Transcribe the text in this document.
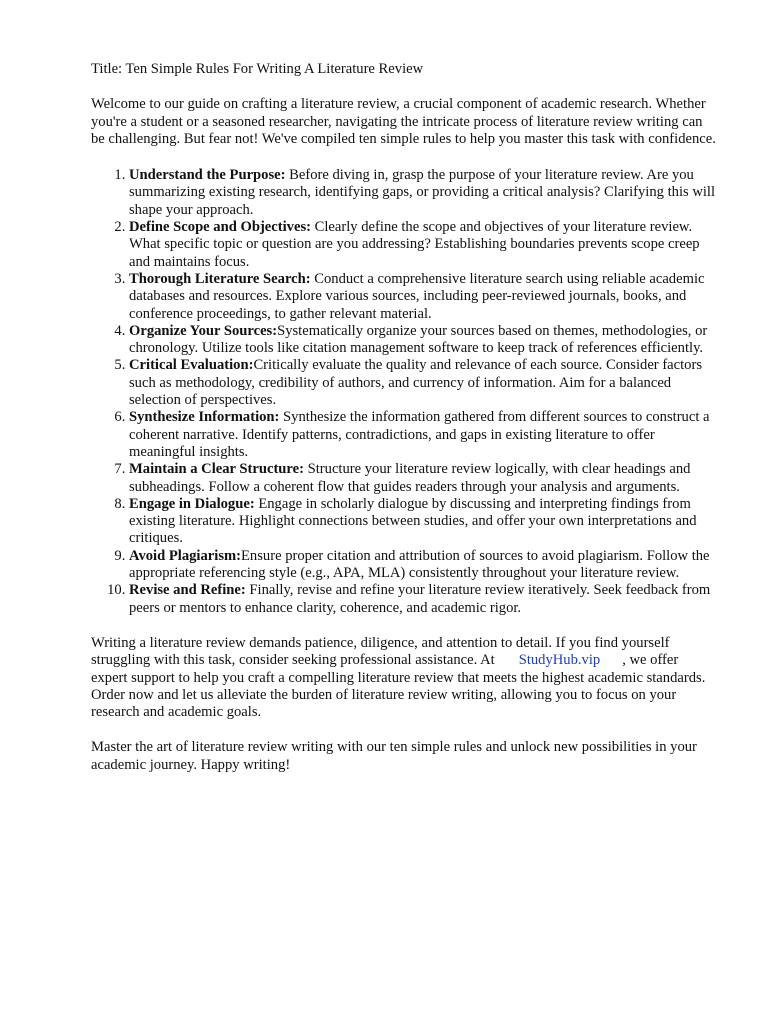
Title: Ten Simple Rules For Writing A Literature Review

Welcome to our guide on crafting a literature review, a crucial component of academic research. Whether you're a student or a seasoned researcher, navigating the intricate process of literature review writing can be challenging. But fear not! We've compiled ten simple rules to help you master this task with confidence.

1. Understand the Purpose: Before diving in, grasp the purpose of your literature review. Are you summarizing existing research, identifying gaps, or providing a critical analysis? Clarifying this will shape your approach.
2. Define Scope and Objectives: Clearly define the scope and objectives of your literature review. What specific topic or question are you addressing? Establishing boundaries prevents scope creep and maintains focus.
3. Thorough Literature Search: Conduct a comprehensive literature search using reliable academic databases and resources. Explore various sources, including peer-reviewed journals, books, and conference proceedings, to gather relevant material.
4. Organize Your Sources:Systematically organize your sources based on themes, methodologies, or chronology. Utilize tools like citation management software to keep track of references efficiently.
5. Critical Evaluation:Critically evaluate the quality and relevance of each source. Consider factors such as methodology, credibility of authors, and currency of information. Aim for a balanced selection of perspectives.
6. Synthesize Information: Synthesize the information gathered from different sources to construct a coherent narrative. Identify patterns, contradictions, and gaps in existing literature to offer meaningful insights.
7. Maintain a Clear Structure: Structure your literature review logically, with clear headings and subheadings. Follow a coherent flow that guides readers through your analysis and arguments.
8. Engage in Dialogue: Engage in scholarly dialogue by discussing and interpreting findings from existing literature. Highlight connections between studies, and offer your own interpretations and critiques.
9. Avoid Plagiarism:Ensure proper citation and attribution of sources to avoid plagiarism. Follow the appropriate referencing style (e.g., APA, MLA) consistently throughout your literature review.
10. Revise and Refine: Finally, revise and refine your literature review iteratively. Seek feedback from peers or mentors to enhance clarity, coherence, and academic rigor.

Writing a literature review demands patience, diligence, and attention to detail. If you find yourself struggling with this task, consider seeking professional assistance. At StudyHub.vip , we offer expert support to help you craft a compelling literature review that meets the highest academic standards. Order now and let us alleviate the burden of literature review writing, allowing you to focus on your research and academic goals.

Master the art of literature review writing with our ten simple rules and unlock new possibilities in your academic journey. Happy writing!
